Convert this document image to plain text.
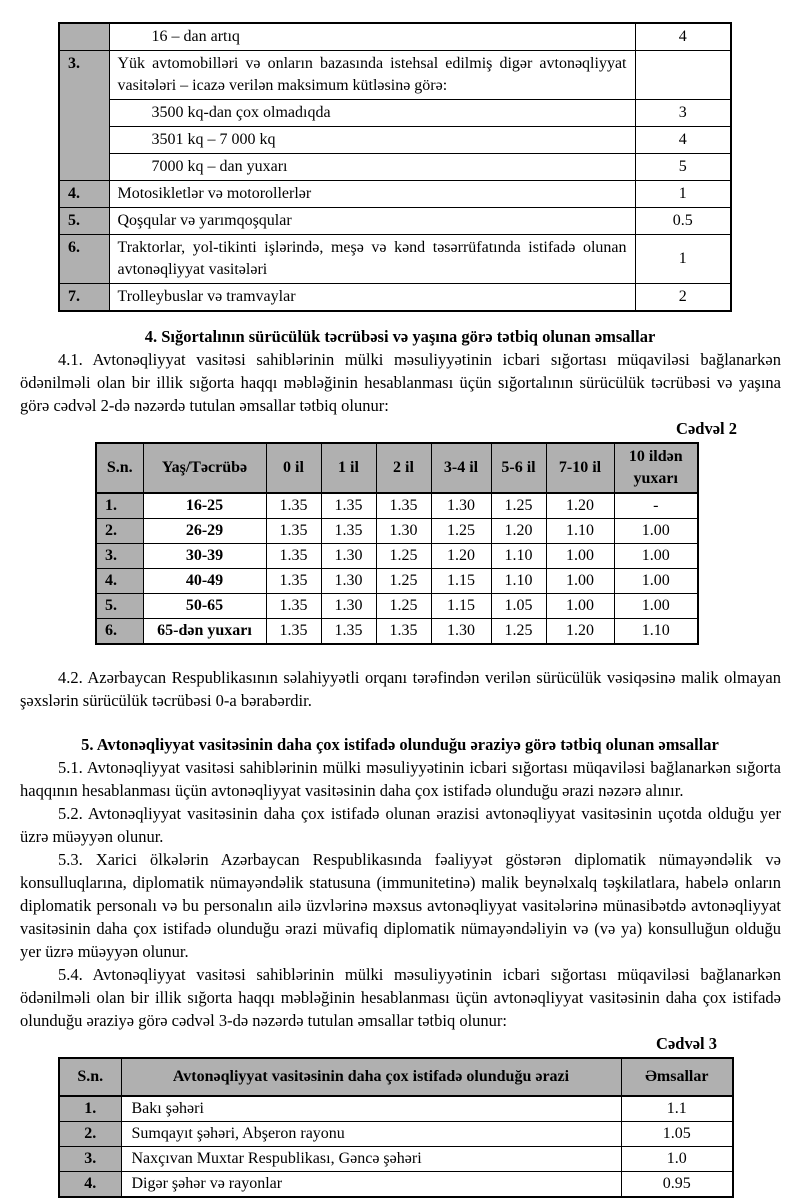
	16 – dan artıq	4
3.	Yük avtomobilləri və onların bazasında istehsal edilmiş digər avtonəqliyyat vasitələri – icazə verilən maksimum kütləsinə görə:	
	3500 kq-dan çox olmadıqda	3
	3501 kq – 7 000 kq	4
	7000 kq – dan yuxarı	5
4.	Motosikletlər və motorollerlər	1
5.	Qoşqular və yarımqoşqular	0.5
6.	Traktorlar, yol-tikinti işlərində, meşə və kənd təsərrüfatında istifadə olunan avtonəqliyyat vasitələri	1
7.	Trolleybuslar və tramvaylar	2
4. Sığortalının sürücülük təcrübəsi və yaşına görə tətbiq olunan əmsallar
4.1. Avtonəqliyyat vasitəsi sahiblərinin mülki məsuliyyətinin icbari sığortası müqaviləsi bağlanarkən ödənilməli olan bir illik sığorta haqqı məbləğinin hesablanması üçün sığortalının sürücülük təcrübəsi və yaşına görə cədvəl 2-də nəzərdə tutulan əmsallar tətbiq olunur:
Cədvəl 2
S.n.	Yaş/Təcrübə	0 il	1 il	2 il	3-4 il	5-6 il	7-10 il	10 ildən yuxarı
1.	16-25	1.35	1.35	1.35	1.30	1.25	1.20	-
2.	26-29	1.35	1.35	1.30	1.25	1.20	1.10	1.00
3.	30-39	1.35	1.30	1.25	1.20	1.10	1.00	1.00
4.	40-49	1.35	1.30	1.25	1.15	1.10	1.00	1.00
5.	50-65	1.35	1.30	1.25	1.15	1.05	1.00	1.00
6.	65-dən yuxarı	1.35	1.35	1.35	1.30	1.25	1.20	1.10
4.2. Azərbaycan Respublikasının səlahiyyətli orqanı tərəfindən verilən sürücülük vəsiqəsinə malik olmayan şəxslərin sürücülük təcrübəsi 0-a bərabərdir.
5. Avtonəqliyyat vasitəsinin daha çox istifadə olunduğu əraziyə görə tətbiq olunan əmsallar
5.1. Avtonəqliyyat vasitəsi sahiblərinin mülki məsuliyyətinin icbari sığortası müqaviləsi bağlanarkən sığorta haqqının hesablanması üçün avtonəqliyyat vasitəsinin daha çox istifadə olunduğu ərazi nəzərə alınır.
5.2. Avtonəqliyyat vasitəsinin daha çox istifadə olunan ərazisi avtonəqliyyat vasitəsinin uçotda olduğu yer üzrə müəyyən olunur.
5.3. Xarici ölkələrin Azərbaycan Respublikasında fəaliyyət göstərən diplomatik nümayəndəlik və konsulluqlarına, diplomatik nümayəndəlik statusuna (immunitetinə) malik beynəlxalq təşkilatlara, habelə onların diplomatik personalı və bu personalın ailə üzvlərinə məxsus avtonəqliyyat vasitələrinə münasibətdə avtonəqliyyat vasitəsinin daha çox istifadə olunduğu ərazi müvafiq diplomatik nümayəndəliyin və (və ya) konsulluğun olduğu yer üzrə müəyyən olunur.
5.4. Avtonəqliyyat vasitəsi sahiblərinin mülki məsuliyyətinin icbari sığortası müqaviləsi bağlanarkən ödənilməli olan bir illik sığorta haqqı məbləğinin hesablanması üçün avtonəqliyyat vasitəsinin daha çox istifadə olunduğu əraziyə görə cədvəl 3-də nəzərdə tutulan əmsallar tətbiq olunur:
Cədvəl 3
S.n.	Avtonəqliyyat vasitəsinin daha çox istifadə olunduğu ərazi	Əmsallar
1.	Bakı şəhəri	1.1
2.	Sumqayıt şəhəri, Abşeron rayonu	1.05
3.	Naxçıvan Muxtar Respublikası, Gəncə şəhəri	1.0
4.	Digər şəhər və rayonlar	0.95
